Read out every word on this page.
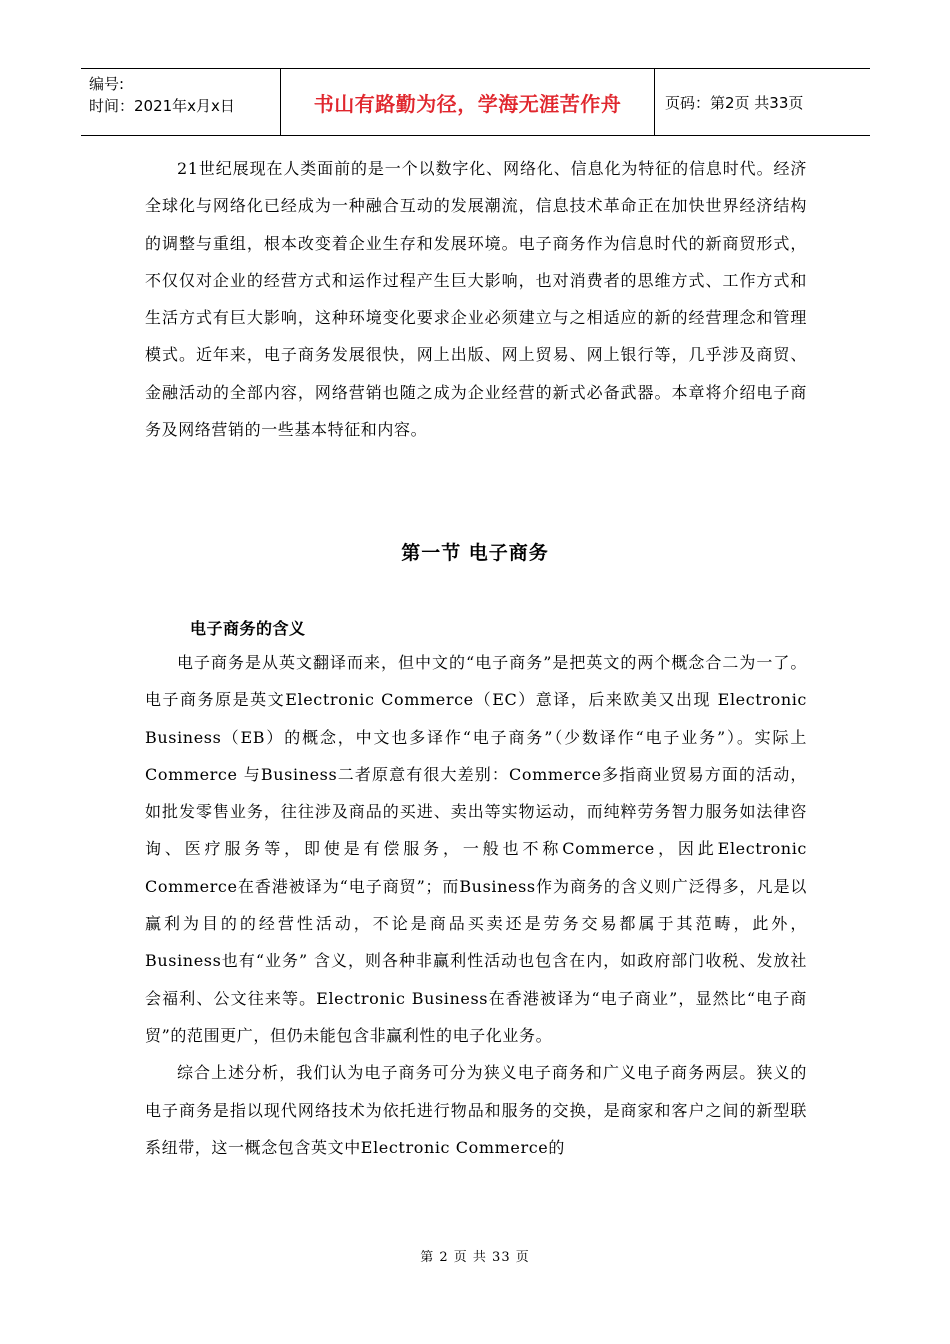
编号:
时间：2021年x月x日	书山有路勤为径，学海无涯苦作舟	页码：第2页 共33页

21世纪展现在人类面前的是一个以数字化、网络化、信息化为特征的信息时代。经济全球化与网络化已经成为一种融合互动的发展潮流，信息技术革命正在加快世界经济结构的调整与重组，根本改变着企业生存和发展环境。电子商务作为信息时代的新商贸形式，不仅仅对企业的经营方式和运作过程产生巨大影响，也对消费者的思维方式、工作方式和生活方式有巨大影响，这种环境变化要求企业必须建立与之相适应的新的经营理念和管理模式。近年来，电子商务发展很快，网上出版、网上贸易、网上银行等，几乎涉及商贸、金融活动的全部内容，网络营销也随之成为企业经营的新式必备武器。本章将介绍电子商务及网络营销的一些基本特征和内容。

第一节 电子商务
电子商务的含义

电子商务是从英文翻译而来，但中文的“电子商务”是把英文的两个概念合二为一了。电子商务原是英文Electronic Commerce（EC）意译，后来欧美又出现 Electronic Business（EB）的概念，中文也多译作“电子商务”（少数译作“电子业务”）。实际上Commerce 与Business二者原意有很大差别：Commerce多指商业贸易方面的活动，如批发零售业务，往往涉及商品的买进、卖出等实物运动，而纯粹劳务智力服务如法律咨询、医疗服务等，即使是有偿服务，一般也不称Commerce，因此Electronic Commerce在香港被译为“电子商贸”；而Business作为商务的含义则广泛得多，凡是以赢利为目的的经营性活动，不论是商品买卖还是劳务交易都属于其范畴，此外， Business也有“业务” 含义，则各种非赢利性活动也包含在内，如政府部门收税、发放社会福利、公文往来等。Electronic Business在香港被译为“电子商业”，显然比“电子商贸”的范围更广，但仍未能包含非赢利性的电子化业务。

综合上述分析，我们认为电子商务可分为狭义电子商务和广义电子商务两层。狭义的电子商务是指以现代网络技术为依托进行物品和服务的交换，是商家和客户之间的新型联系纽带，这一概念包含英文中Electronic Commerce的

第 2 页 共 33 页
